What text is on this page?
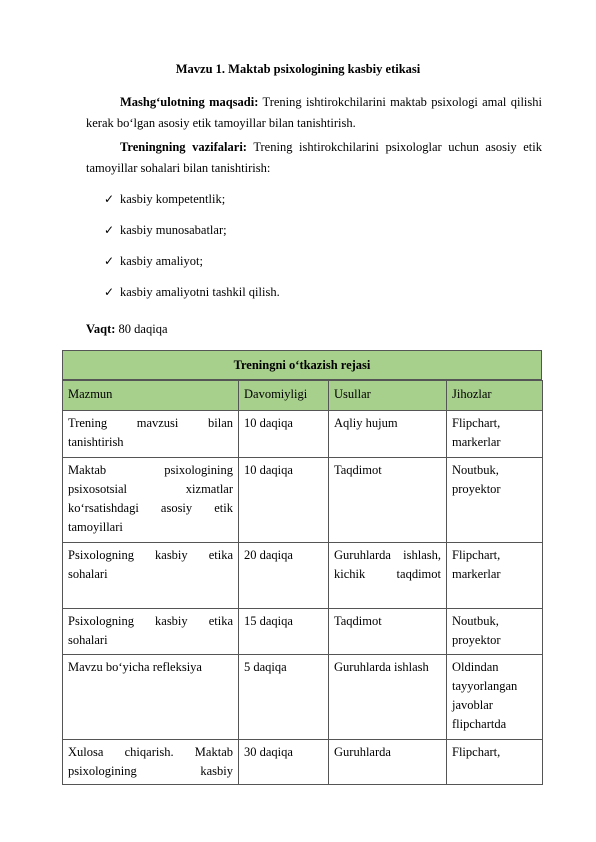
Mavzu 1. Maktab psixologining kasbiy etikasi
Mashg‘ulotning maqsadi: Trening ishtirokchilarini maktab psixologi amal qilishi kerak bo‘lgan asosiy etik tamoyillar bilan tanishtirish.
Treningning vazifalari: Trening ishtirokchilarini psixologlar uchun asosiy etik tamoyillar sohalari bilan tanishtirish:
✓ kasbiy kompetentlik;
✓ kasbiy munosabatlar;
✓ kasbiy amaliyot;
✓ kasbiy amaliyotni tashkil qilish.
Vaqt: 80 daqiqa
Treningni o‘tkazish rejasi
Mazmun	Davomiyligi	Usullar	Jihozlar
Trening mavzusi bilan tanishtirish	10 daqiqa	Aqliy hujum	Flipchart, markerlar
Maktab psixologining psixosotsial xizmatlar ko‘rsatishdagi asosiy etik tamoyillari	10 daqiqa	Taqdimot	Noutbuk, proyektor
Psixologning kasbiy etika sohalari	20 daqiqa	Guruhlarda ishlash, kichik taqdimot	Flipchart, markerlar
Psixologning kasbiy etika sohalari	15 daqiqa	Taqdimot	Noutbuk, proyektor
Mavzu bo‘yicha refleksiya	5 daqiqa	Guruhlarda ishlash	Oldindan tayyorlangan javoblar flipchartda
Xulosa chiqarish. Maktab psixologining kasbiy	30 daqiqa	Guruhlarda	Flipchart,
